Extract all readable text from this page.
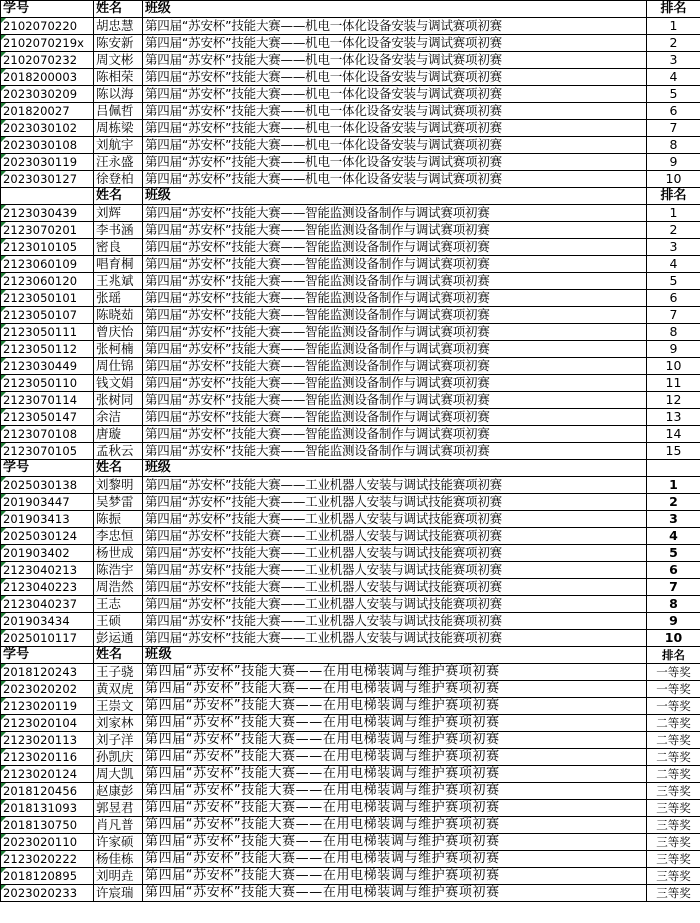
学号	姓名	班级	排名
2102070220	胡忠慧	第四届“苏安杯”技能大赛——机电一体化设备安装与调试赛项初赛	1
2102070219x	陈安新	第四届“苏安杯”技能大赛——机电一体化设备安装与调试赛项初赛	2
2102070232	周文彬	第四届“苏安杯”技能大赛——机电一体化设备安装与调试赛项初赛	3
2018200003	陈相荣	第四届“苏安杯”技能大赛——机电一体化设备安装与调试赛项初赛	4
2023030209	陈以海	第四届“苏安杯”技能大赛——机电一体化设备安装与调试赛项初赛	5
201820027	吕佩哲	第四届“苏安杯”技能大赛——机电一体化设备安装与调试赛项初赛	6
2023030102	周栋梁	第四届“苏安杯”技能大赛——机电一体化设备安装与调试赛项初赛	7
2023030108	刘航宇	第四届“苏安杯”技能大赛——机电一体化设备安装与调试赛项初赛	8
2023030119	汪永盛	第四届“苏安杯”技能大赛——机电一体化设备安装与调试赛项初赛	9
2023030127	徐登柏	第四届“苏安杯”技能大赛——机电一体化设备安装与调试赛项初赛	10
	姓名	班级	排名
2123030439	刘辉	第四届“苏安杯”技能大赛——智能监测设备制作与调试赛项初赛	1
2123070201	李书涵	第四届“苏安杯”技能大赛——智能监测设备制作与调试赛项初赛	2
2123010105	密良	第四届“苏安杯”技能大赛——智能监测设备制作与调试赛项初赛	3
2123060109	唱育桐	第四届“苏安杯”技能大赛——智能监测设备制作与调试赛项初赛	4
2123060120	王兆斌	第四届“苏安杯”技能大赛——智能监测设备制作与调试赛项初赛	5
2123050101	张瑶	第四届“苏安杯”技能大赛——智能监测设备制作与调试赛项初赛	6
2123050107	陈晓茹	第四届“苏安杯”技能大赛——智能监测设备制作与调试赛项初赛	7
2123050111	曾庆怡	第四届“苏安杯”技能大赛——智能监测设备制作与调试赛项初赛	8
2123050112	张柯楠	第四届“苏安杯”技能大赛——智能监测设备制作与调试赛项初赛	9
2123030449	周仕锦	第四届“苏安杯”技能大赛——智能监测设备制作与调试赛项初赛	10
2123050110	钱文娟	第四届“苏安杯”技能大赛——智能监测设备制作与调试赛项初赛	11
2123070114	张树同	第四届“苏安杯”技能大赛——智能监测设备制作与调试赛项初赛	12
2123050147	余洁	第四届“苏安杯”技能大赛——智能监测设备制作与调试赛项初赛	13
2123070108	唐璇	第四届“苏安杯”技能大赛——智能监测设备制作与调试赛项初赛	14
2123070105	孟秋云	第四届“苏安杯”技能大赛——智能监测设备制作与调试赛项初赛	15
学号	姓名	班级	
2025030138	刘黎明	第四届“苏安杯”技能大赛——工业机器人安装与调试技能赛项初赛	1
201903447	吴梦雷	第四届“苏安杯”技能大赛——工业机器人安装与调试技能赛项初赛	2
201903413	陈振	第四届“苏安杯”技能大赛——工业机器人安装与调试技能赛项初赛	3
2025030124	李忠恒	第四届“苏安杯”技能大赛——工业机器人安装与调试技能赛项初赛	4
201903402	杨世成	第四届“苏安杯”技能大赛——工业机器人安装与调试技能赛项初赛	5
2123040213	陈浩宇	第四届“苏安杯”技能大赛——工业机器人安装与调试技能赛项初赛	6
2123040223	周浩然	第四届“苏安杯”技能大赛——工业机器人安装与调试技能赛项初赛	7
2123040237	王志	第四届“苏安杯”技能大赛——工业机器人安装与调试技能赛项初赛	8
201903434	王硕	第四届“苏安杯”技能大赛——工业机器人安装与调试技能赛项初赛	9
2025010117	彭运通	第四届“苏安杯”技能大赛——工业机器人安装与调试技能赛项初赛	10
学号	姓名	班级	排名
2018120243	王子骁	第四届“苏安杯”技能大赛——在用电梯装调与维护赛项初赛	一等奖
2023020202	黄双虎	第四届“苏安杯”技能大赛——在用电梯装调与维护赛项初赛	一等奖
2123020119	王崇文	第四届“苏安杯”技能大赛——在用电梯装调与维护赛项初赛	一等奖
2123020104	刘家林	第四届“苏安杯”技能大赛——在用电梯装调与维护赛项初赛	二等奖
2123020113	刘子洋	第四届“苏安杯”技能大赛——在用电梯装调与维护赛项初赛	二等奖
2123020116	孙凯庆	第四届“苏安杯”技能大赛——在用电梯装调与维护赛项初赛	二等奖
2123020124	周大凯	第四届“苏安杯”技能大赛——在用电梯装调与维护赛项初赛	二等奖
2018120456	赵康彭	第四届“苏安杯”技能大赛——在用电梯装调与维护赛项初赛	三等奖
2018131093	郭昱君	第四届“苏安杯”技能大赛——在用电梯装调与维护赛项初赛	三等奖
2018130750	肖凡普	第四届“苏安杯”技能大赛——在用电梯装调与维护赛项初赛	三等奖
2023020110	许家硕	第四届“苏安杯”技能大赛——在用电梯装调与维护赛项初赛	三等奖
2123020222	杨佳栋	第四届“苏安杯”技能大赛——在用电梯装调与维护赛项初赛	三等奖
2018120895	刘明垚	第四届“苏安杯”技能大赛——在用电梯装调与维护赛项初赛	三等奖
2023020233	许宸瑞	第四届“苏安杯”技能大赛——在用电梯装调与维护赛项初赛	三等奖
